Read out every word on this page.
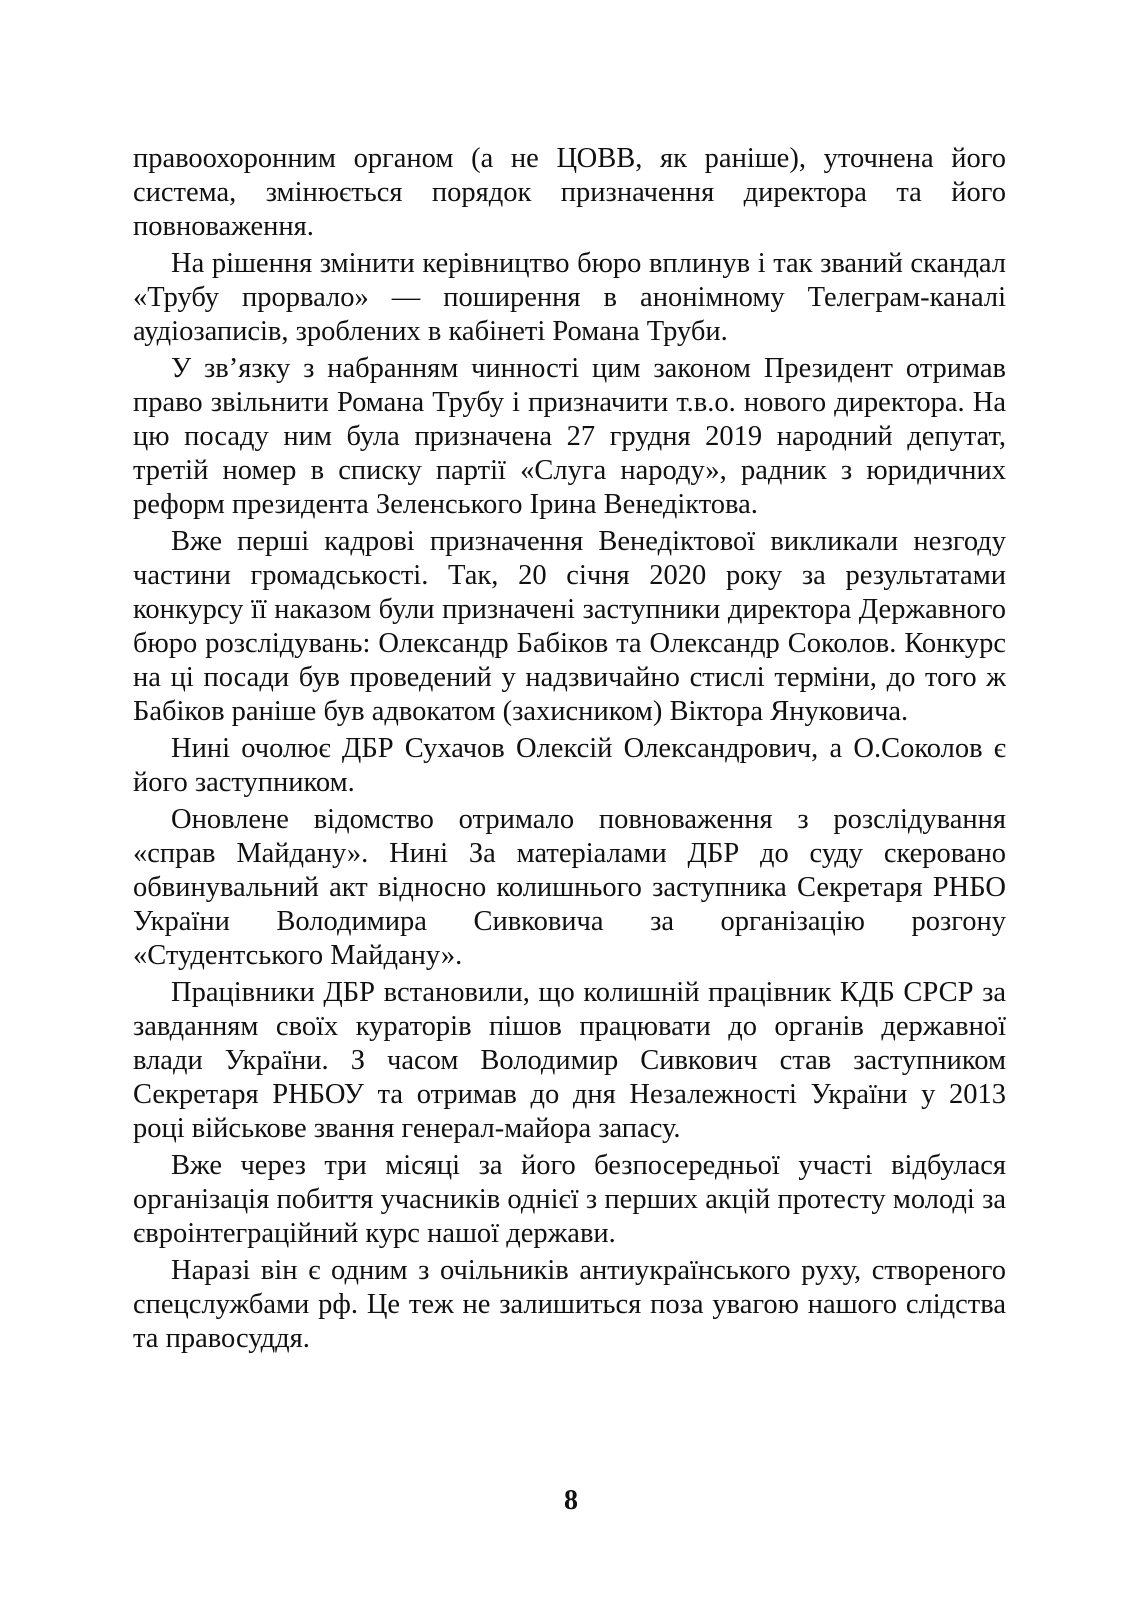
правоохоронним органом (а не ЦОВВ, як раніше), уточнена його система, змінюється порядок призначення директора та його повноваження.

На рішення змінити керівництво бюро вплинув і так званий скандал «Трубу прорвало» — поширення в анонімному Телеграм-каналі аудіозаписів, зроблених в кабінеті Романа Труби.

У зв’язку з набранням чинності цим законом Президент отримав право звільнити Романа Трубу і призначити т.в.о. нового директора. На цю посаду ним була призначена 27 грудня 2019 народний депутат, третій номер в списку партії «Слуга народу», радник з юридичних реформ президента Зеленського Ірина Венедіктова.

Вже перші кадрові призначення Венедіктової викликали незгоду частини громадськості. Так, 20 січня 2020 року за результатами конкурсу її наказом були призначені заступники директора Державного бюро розслідувань: Олександр Бабіков та Олександр Соколов. Конкурс на ці посади був проведений у надзвичайно стислі терміни, до того ж Бабіков раніше був адвокатом (захисником) Віктора Януковича.

Нині очолює ДБР Сухачов Олексій Олександрович, а О.Соколов є його заступником.

Оновлене відомство отримало повноваження з розслідування «справ Майдану». Нині За матеріалами ДБР до суду скеровано обвинувальний акт відносно колишнього заступника Секретаря РНБО України Володимира Сивковича за організацію розгону «Студентського Майдану».

Працівники ДБР встановили, що колишній працівник КДБ СРСР за завданням своїх кураторів пішов працювати до органів державної влади України. З часом Володимир Сивкович став заступником Секретаря РНБОУ та отримав до дня Незалежності України у 2013 році військове звання генерал-майора запасу.

Вже через три місяці за його безпосередньої участі відбулася організація побиття учасників однієї з перших акцій протесту молоді за євроінтеграційний курс нашої держави.

Наразі він є одним з очільників антиукраїнського руху, створеного спецслужбами рф. Це теж не залишиться поза увагою нашого слідства та правосуддя.

8
